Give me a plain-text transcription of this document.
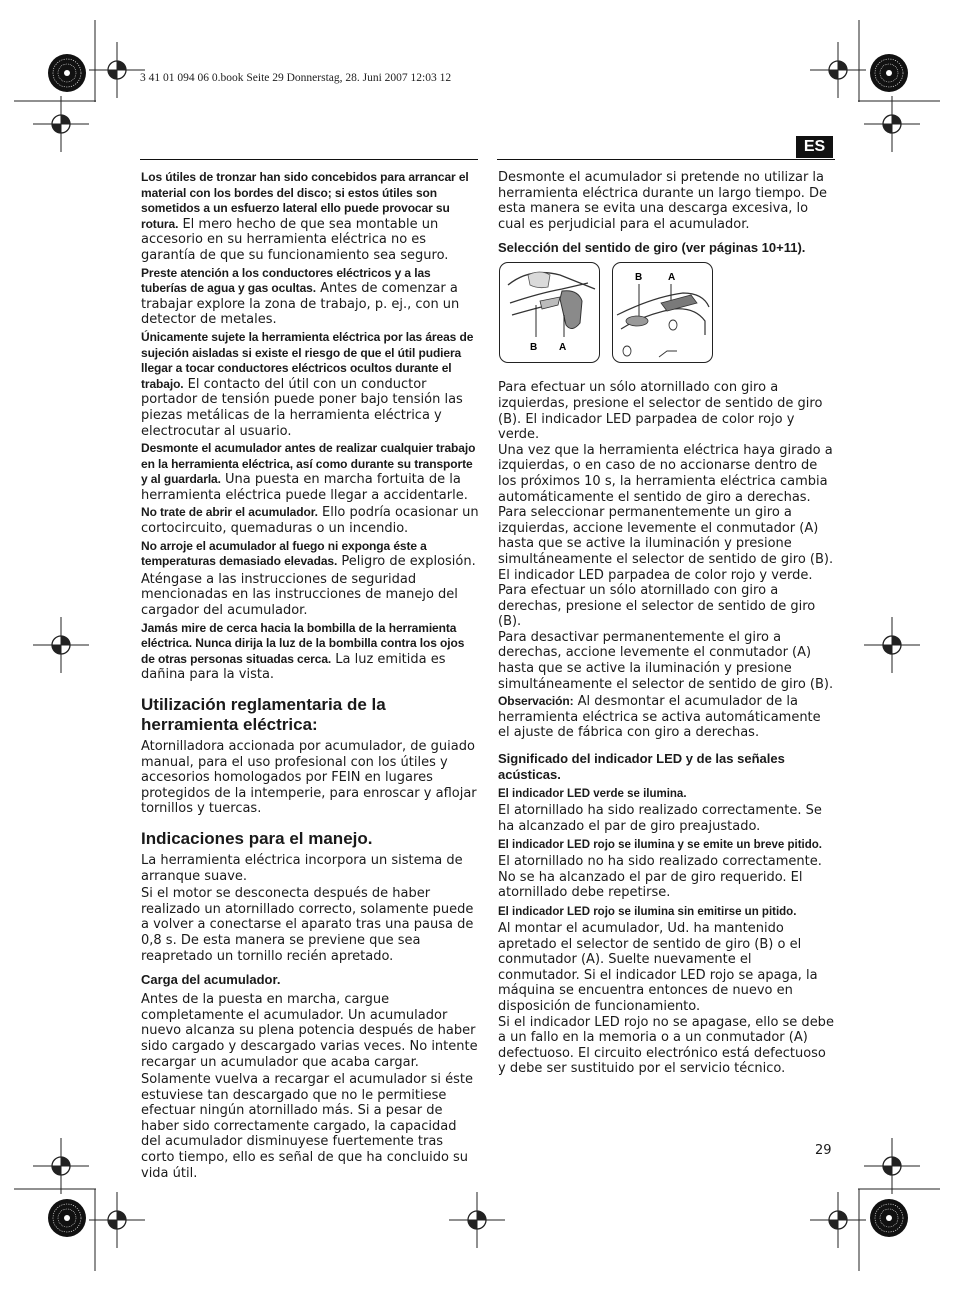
3 41 01 094 06 0.book Seite 29 Donnerstag, 28. Juni 2007 12:03 12
ES

Los útiles de tronzar han sido concebidos para arrancar el material con los bordes del disco; si estos útiles son sometidos a un esfuerzo lateral ello puede provocar su rotura. El mero hecho de que sea montable un accesorio en su herramienta eléctrica no es garantía de que su funcionamiento sea seguro.

Preste atención a los conductores eléctricos y a las tuberías de agua y gas ocultas. Antes de comenzar a trabajar explore la zona de trabajo, p. ej., con un detector de metales.

Únicamente sujete la herramienta eléctrica por las áreas de sujeción aisladas si existe el riesgo de que el útil pudiera llegar a tocar conductores eléctricos ocultos durante el trabajo. El contacto del útil con un conductor portador de tensión puede poner bajo tensión las piezas metálicas de la herramienta eléctrica y electrocutar al usuario.

Desmonte el acumulador antes de realizar cualquier trabajo en la herramienta eléctrica, así como durante su transporte y al guardarla. Una puesta en marcha fortuita de la herramienta eléctrica puede llegar a accidentarle.

No trate de abrir el acumulador. Ello podría ocasionar un cortocircuito, quemaduras o un incendio.

No arroje el acumulador al fuego ni exponga éste a temperaturas demasiado elevadas. Peligro de explosión.

Aténgase a las instrucciones de seguridad mencionadas en las instrucciones de manejo del cargador del acumulador.

Jamás mire de cerca hacia la bombilla de la herramienta eléctrica. Nunca dirija la luz de la bombilla contra los ojos de otras personas situadas cerca. La luz emitida es dañina para la vista.

Utilización reglamentaria de la herramienta eléctrica:

Atornilladora accionada por acumulador, de guiado manual, para el uso profesional con los útiles y accesorios homologados por FEIN en lugares protegidos de la intemperie, para enroscar y aflojar tornillos y tuercas.

Indicaciones para el manejo.

La herramienta eléctrica incorpora un sistema de arranque suave.

Si el motor se desconecta después de haber realizado un atornillado correcto, solamente puede a volver a conectarse el aparato tras una pausa de 0,8 s. De esta manera se previene que sea reapretado un tornillo recién apretado.

Carga del acumulador.

Antes de la puesta en marcha, cargue completamente el acumulador. Un acumulador nuevo alcanza su plena potencia después de haber sido cargado y descargado varias veces. No intente recargar un acumulador que acaba cargar.

Solamente vuelva a recargar el acumulador si éste estuviese tan descargado que no le permitiese efectuar ningún atornillado más. Si a pesar de haber sido correctamente cargado, la capacidad del acumulador disminuyese fuertemente tras corto tiempo, ello es señal de que ha concluido su vida útil.

Desmonte el acumulador si pretende no utilizar la herramienta eléctrica durante un largo tiempo. De esta manera se evita una descarga excesiva, lo cual es perjudicial para el acumulador.

Selección del sentido de giro (ver páginas 10+11).
B A
B	A

Para efectuar un sólo atornillado con giro a izquierdas, presione el selector de sentido de giro (B). El indicador LED parpadea de color rojo y verde.

Una vez que la herramienta eléctrica haya girado a izquierdas, o en caso de no accionarse dentro de los próximos 10 s, la herramienta eléctrica cambia automáticamente el sentido de giro a derechas.

Para seleccionar permanentemente un giro a izquierdas, accione levemente el conmutador (A) hasta que se active la iluminación y presione simultáneamente el selector de sentido de giro (B). El indicador LED parpadea de color rojo y verde.

Para efectuar un sólo atornillado con giro a derechas, presione el selector de sentido de giro (B).

Para desactivar permanentemente el giro a derechas, accione levemente el conmutador (A) hasta que se active la iluminación y presione simultáneamente el selector de sentido de giro (B).

Observación: Al desmontar el acumulador de la herramienta eléctrica se activa automáticamente el ajuste de fábrica con giro a derechas.

Significado del indicador LED y de las señales acústicas.
El indicador LED verde se ilumina.

El atornillado ha sido realizado correctamente. Se ha alcanzado el par de giro preajustado.

El indicador LED rojo se ilumina y se emite un breve pitido.

El atornillado no ha sido realizado correctamente. No se ha alcanzado el par de giro requerido. El atornillado debe repetirse.

El indicador LED rojo se ilumina sin emitirse un pitido.

Al montar el acumulador, Ud. ha mantenido apretado el selector de sentido de giro (B) o el conmutador (A). Suelte nuevamente el conmutador. Si el indicador LED rojo se apaga, la máquina se encuentra entonces de nuevo en disposición de funcionamiento.

Si el indicador LED rojo no se apagase, ello se debe a un fallo en la memoria o a un conmutador (A) defectuoso. El circuito electrónico está defectuoso y debe ser sustituido por el servicio técnico.

29
